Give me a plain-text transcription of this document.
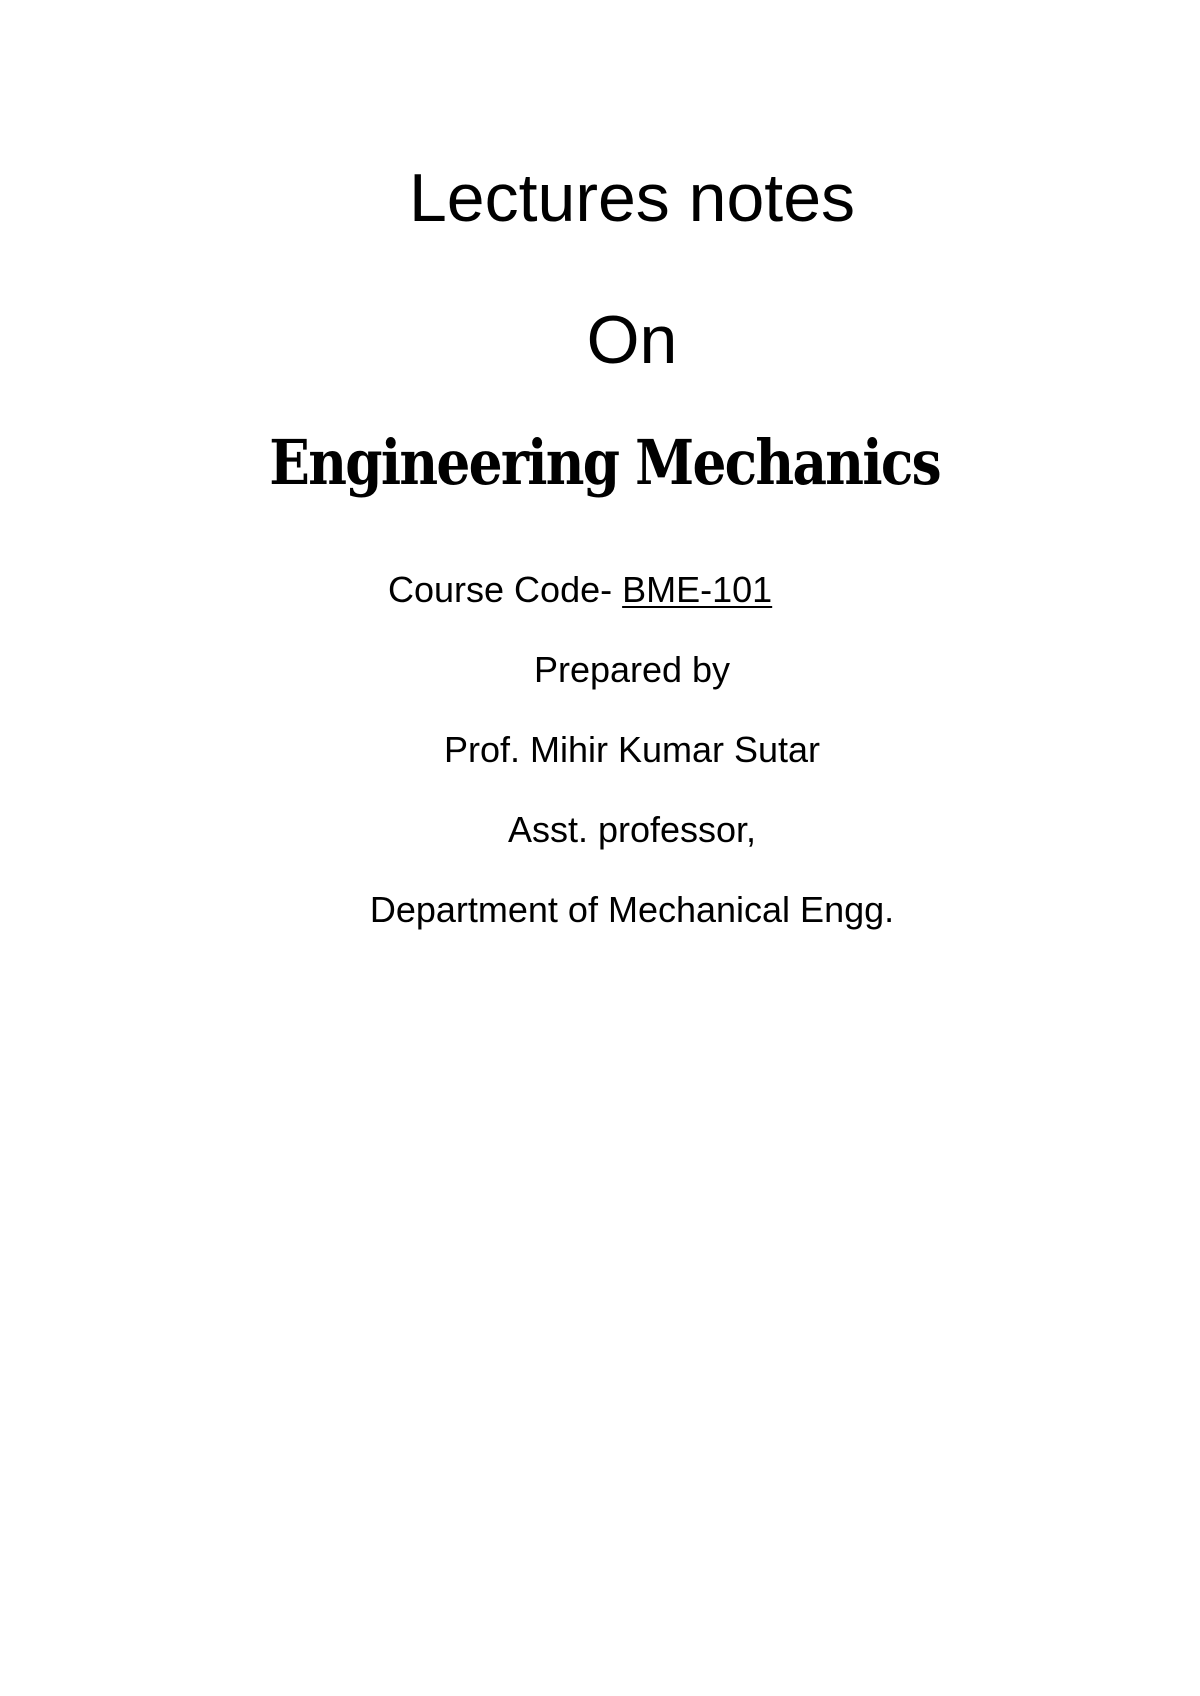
Lectures notes
On
Engineering Mechanics
Course Code- BME-101
Prepared by
Prof. Mihir Kumar Sutar
Asst. professor,
Department of Mechanical Engg.
